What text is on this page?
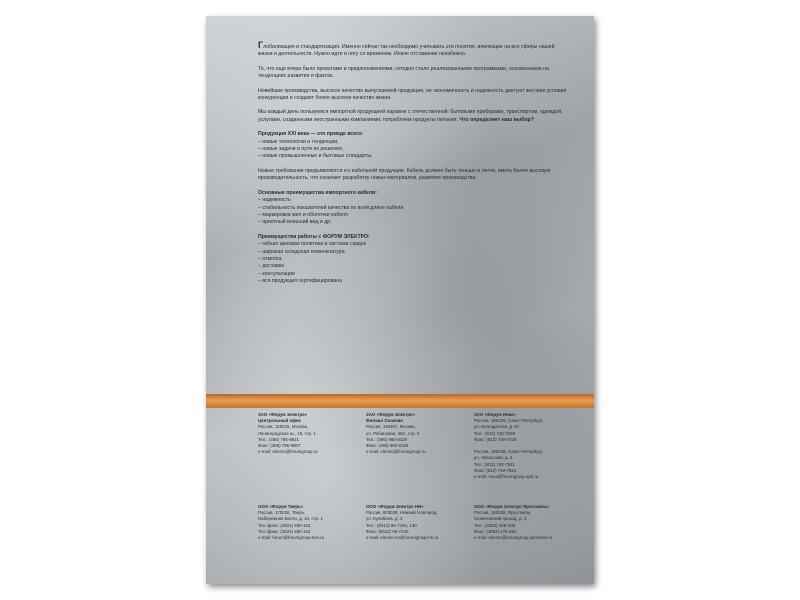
Глобализация и стандартизация. Именно сейчас так необходимо учитывать эти понятия, влияющие на все сферы нашей жизни и деятельности. Нужно идти в ногу со временем. Иначе отставание неизбежно.

То, что еще вчера было проектами и предположениями, сегодня стало реализованными программами, основанными на тенденциях развития и фактах.

Новейшие производства, высокое качество выпускаемой продукции, ее экономичность и надежность диктуют жесткие условия конкуренции и создают более высокое качество жизни.

Мы каждый день пользуемся импортной продукцией наравне с отечественной: бытовыми приборами, транспортом, одеждой, услугами, созданными иностранными компаниями; потребляем продукты питания. Что определяет наш выбор?

Продукция XXI века — это прежде всего:

– новые технологии и тенденции,
– новые задачи и пути их решения,
– новые промышленные и бытовые стандарты.

Новые требования предъявляются и к кабельной продукции. Кабель должен быть тоньше и легче, иметь более высокую производительность, что означает разработку новых материалов, развитие производства.

Основные преимущества импортного кабеля:

– надежность
– стабильность показателей качества по всей длине кабеля
– маркировка жил и оболочки кабеля
– приятный внешний вид и др.

Преимущества работы с ФОРУМ ЭЛЕКТРО:

– гибкая ценовая политика и система скидок
– широкая складская номенклатура
– отмотка
– доставка
– консультации
– вся продукция сертифицирована
ЗАО «Форум Электро»
Центральный офис
Россия, 125015, Москва,
Ленинградское ш., 18, стр. 1
Тел.: (495) 796-9821
Факс: (495) 796-9807
e-mail: electro@forumgroup.ru
ЗАО «Форум Электро»
Филиал Очаково
Россия, 119497, Москва,
ул. Рябиновая, 38А, стр. 5
Тел.: (495) 960-9329
Факс: (495) 960-9328
e-mail: electro@forumgroup.ru
ЗАО «Форум Нева»
Россия, 196105, Санкт-Петербург,
ул. Благодатная, д. 67
Тел.: (812) 740-7029
Факс: (812) 740-7029
Россия, 195248, Санкт-Петербург,
ул. Уральская, д. 4
Тел.: (812) 740-7521
Факс: (812) 740-7521
e-mail: neva@forumgroup.spb.ru
ООО «Форум Тверь»
Россия, 170028, Тверь,
Набережная Волги, д. 12, стр. 1
Тел./факс: (4822) 480-163
Тел./факс: (4822) 480-164
e-mail: forum@forumgroup-tver.ru
ООО «Форум Электро НН»
Россия, 603028, Нижний Новгород,
ул. Кулибина, д. 3
Тел.: (8312) 96-7440, 140
Факс: (8312) 96-7440
e-mail: electro-nn@forumgroup-nn.ru
ООО «Форум Электро Ярославль»
Россия, 150028, Ярославль,
Семеновский проезд, д. 3
Тел.: (4852) 448-208
Факс: (4852) 475-591
e-mail: electro@forumgroup.yaroslavl.ru
